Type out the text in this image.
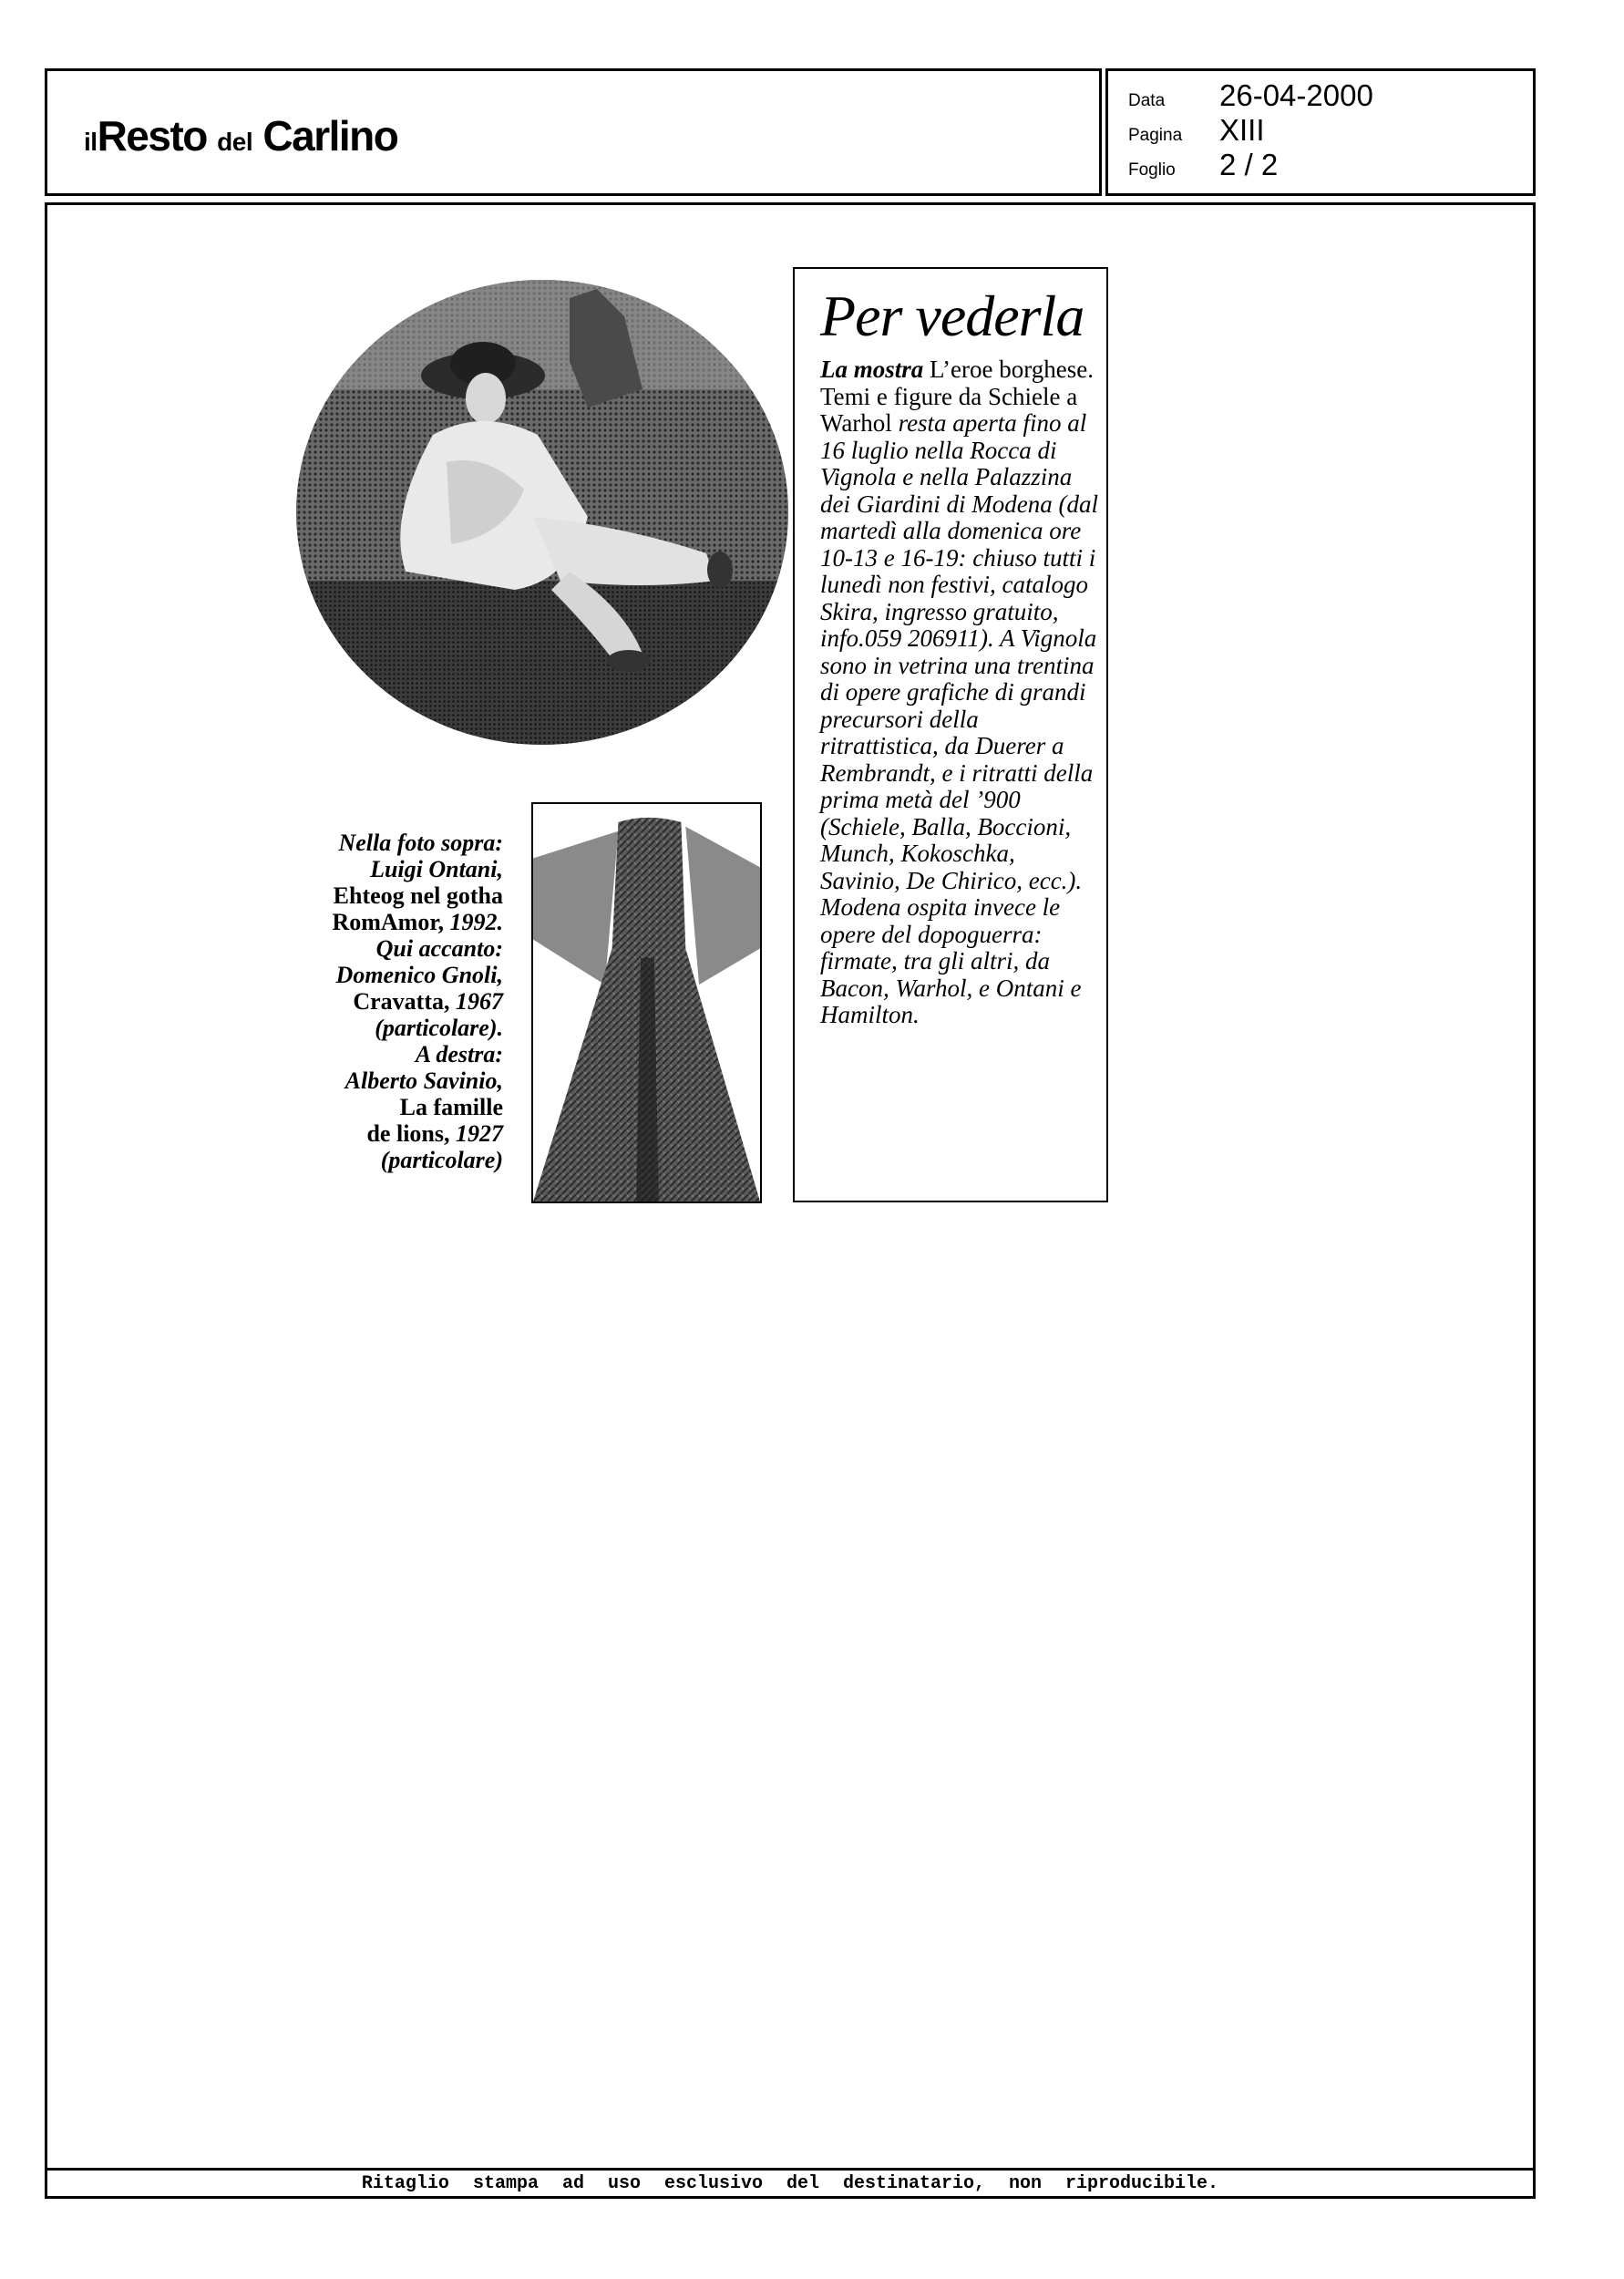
ilResto del Carlino
Data 26-04-2000
Pagina XIII
Foglio 2 / 2
Nella foto sopra:
Luigi Ontani,
Ehteog nel gotha
RomAmor, 1992.
Qui accanto:
Domenico Gnoli,
Cravatta, 1967
(particolare).
A destra:
Alberto Savinio,
La famille
de lions, 1927
(particolare)
Per vederla
La mostra L’eroe borghese. Temi e figure da Schiele a Warhol resta aperta fino al 16 luglio nella Rocca di Vignola e nella Palazzina dei Giardini di Modena (dal martedì alla domenica ore 10-13 e 16-19: chiuso tutti i lunedì non festivi, catalogo Skira, ingresso gratuito, info.059 206911). A Vignola sono in vetrina una trentina di opere grafiche di grandi precursori della ritrattistica, da Duerer a Rembrandt, e i ritratti della prima metà del ’900 (Schiele, Balla, Boccioni, Munch, Kokoschka, Savinio, De Chirico, ecc.). Modena ospita invece le opere del dopoguerra: firmate, tra gli altri, da Bacon, Warhol, e Ontani e Hamilton.
Ritaglio stampa ad uso esclusivo del destinatario, non riproducibile.
